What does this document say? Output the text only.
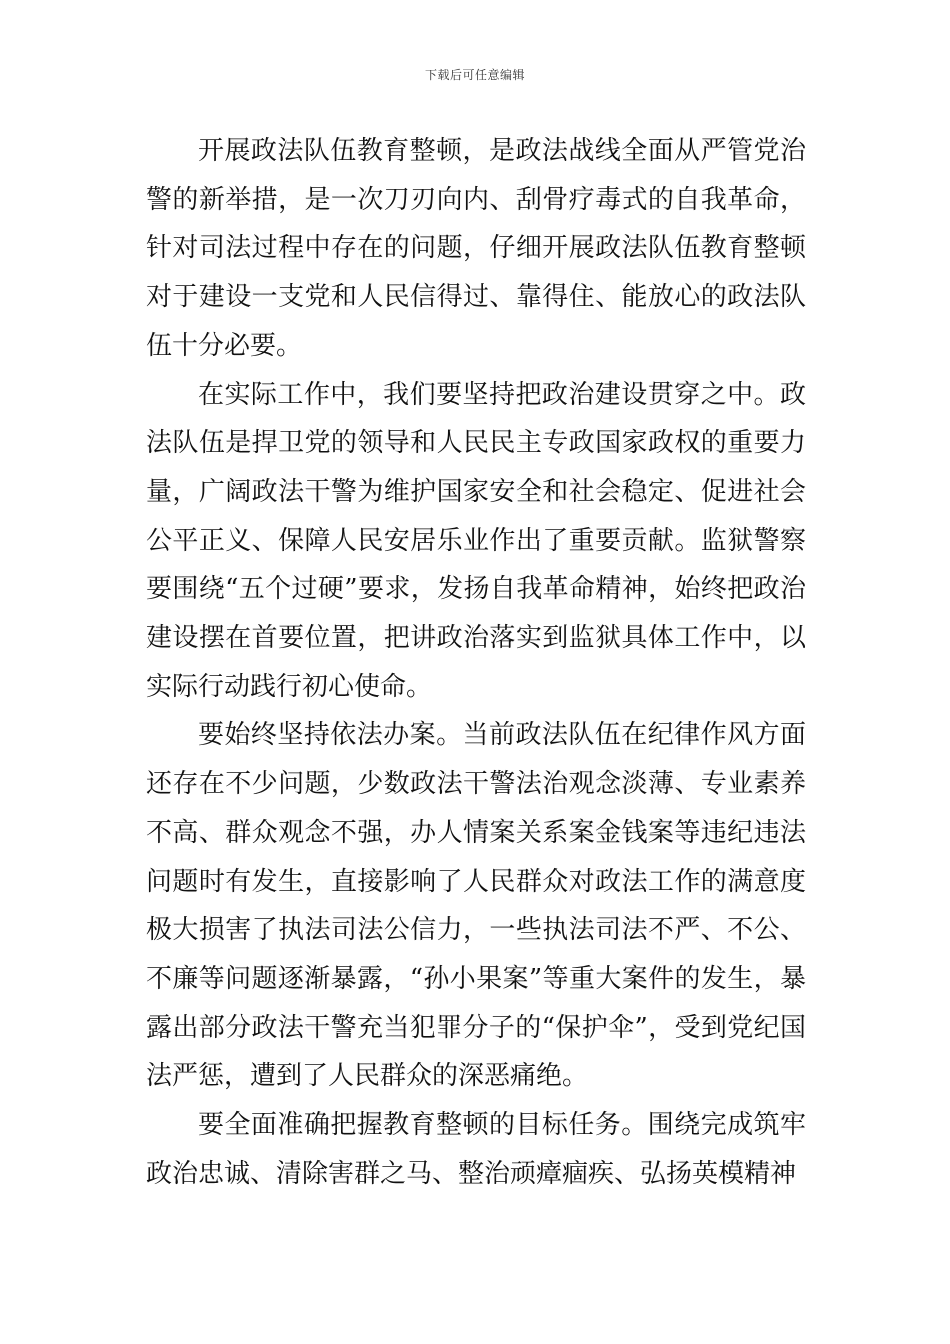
下载后可任意编辑

开展政法队伍教育整顿，是政法战线全面从严管党治警的新举措，是一次刀刃向内、刮骨疗毒式的自我革命，针对司法过程中存在的问题，仔细开展政法队伍教育整顿对于建设一支党和人民信得过、靠得住、能放心的政法队伍十分必要。

在实际工作中，我们要坚持把政治建设贯穿之中。政法队伍是捍卫党的领导和人民民主专政国家政权的重要力量，广阔政法干警为维护国家安全和社会稳定、促进社会公平正义、保障人民安居乐业作出了重要贡献。监狱警察要围绕“五个过硬”要求，发扬自我革命精神，始终把政治建设摆在首要位置，把讲政治落实到监狱具体工作中，以实际行动践行初心使命。

要始终坚持依法办案。当前政法队伍在纪律作风方面还存在不少问题，少数政法干警法治观念淡薄、专业素养不高、群众观念不强，办人情案关系案金钱案等违纪违法问题时有发生，直接影响了人民群众对政法工作的满意度极大损害了执法司法公信力，一些执法司法不严、不公、不廉等问题逐渐暴露，“孙小果案”等重大案件的发生，暴露出部分政法干警充当犯罪分子的“保护伞”，受到党纪国法严惩，遭到了人民群众的深恶痛绝。

要全面准确把握教育整顿的目标任务。围绕完成筑牢政治忠诚、清除害群之马、整治顽瘴痼疾、弘扬英模精神
